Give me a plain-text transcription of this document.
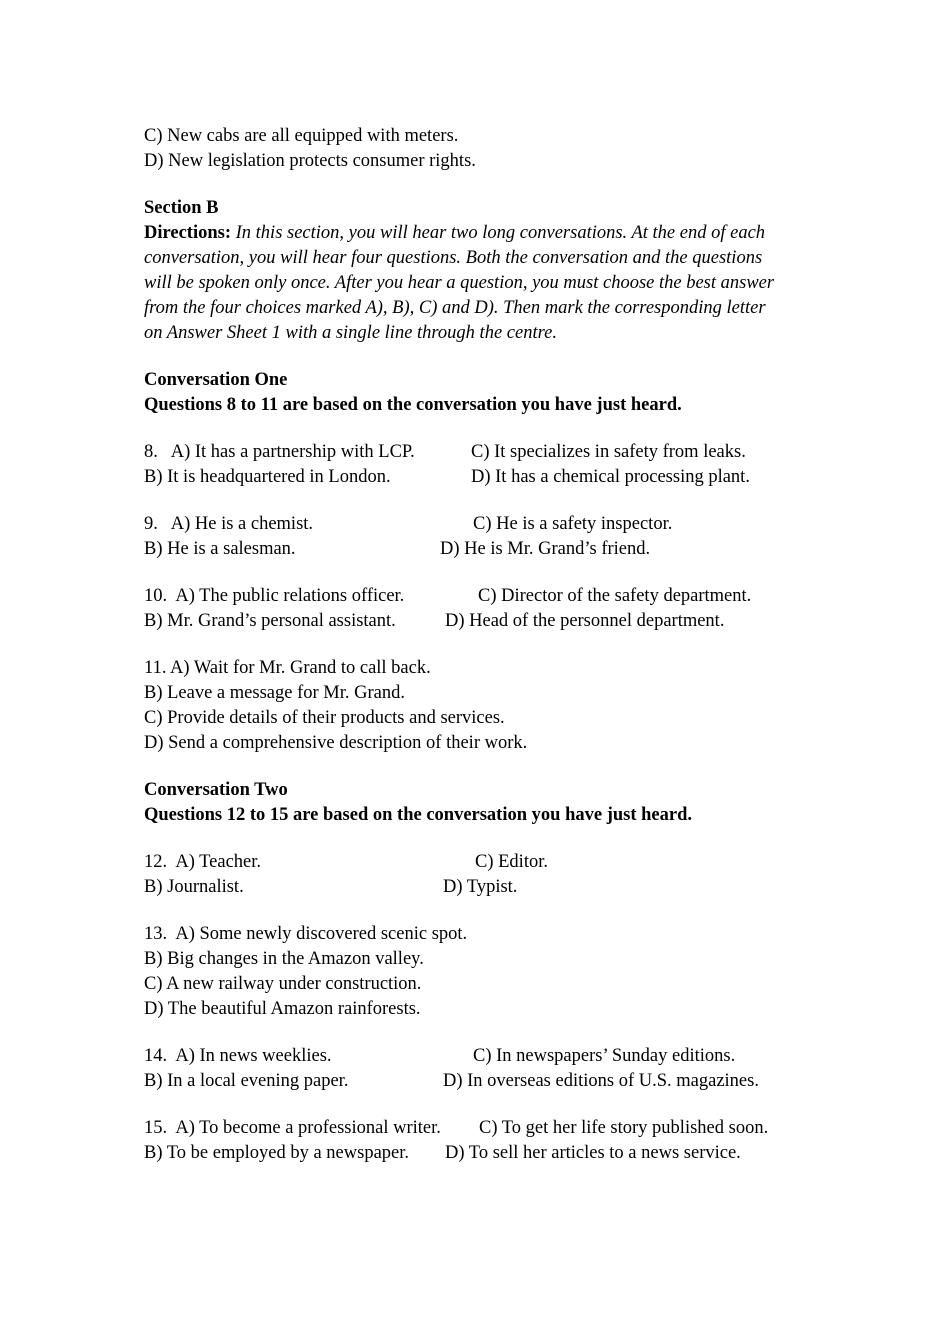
C) New cabs are all equipped with meters.
D) New legislation protects consumer rights.
Section B
Directions: In this section, you will hear two long conversations. At the end of each
conversation, you will hear four questions. Both the conversation and the questions
will be spoken only once. After you hear a question, you must choose the best answer
from the four choices marked A), B), C) and D). Then mark the corresponding letter
on Answer Sheet 1 with a single line through the centre.
Conversation One
Questions 8 to 11 are based on the conversation you have just heard.
8.   A) It has a partnership with LCP.	C) It specializes in safety from leaks.
B) It is headquartered in London.	D) It has a chemical processing plant.
9.   A) He is a chemist.	C) He is a safety inspector.
B) He is a salesman.	D) He is Mr. Grand’s friend.
10.  A) The public relations officer.	C) Director of the safety department.
B) Mr. Grand’s personal assistant.	D) Head of the personnel department.
11. A) Wait for Mr. Grand to call back.
B) Leave a message for Mr. Grand.
C) Provide details of their products and services.
D) Send a comprehensive description of their work.
Conversation Two
Questions 12 to 15 are based on the conversation you have just heard.
12.  A) Teacher.	C) Editor.
B) Journalist.	D) Typist.
13.  A) Some newly discovered scenic spot.
B) Big changes in the Amazon valley.
C) A new railway under construction.
D) The beautiful Amazon rainforests.
14.  A) In news weeklies.	C) In newspapers’ Sunday editions.
B) In a local evening paper.	D) In overseas editions of U.S. magazines.
15.  A) To become a professional writer. C) To get her life story published soon.
B) To be employed by a newspaper. D) To sell her articles to a news service.
